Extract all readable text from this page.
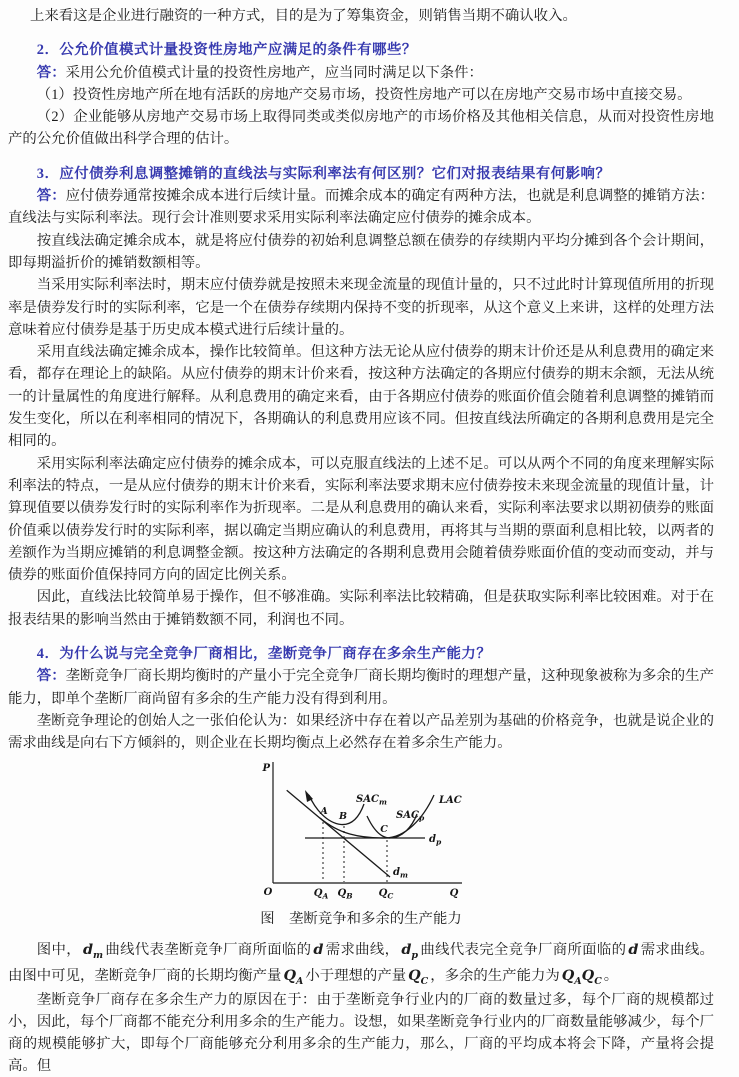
上来看这是企业进行融资的一种方式，目的是为了筹集资金，则销售当期不确认收入。

2．公允价值模式计量投资性房地产应满足的条件有哪些？

答：采用公允价值模式计量的投资性房地产，应当同时满足以下条件：

（1）投资性房地产所在地有活跃的房地产交易市场，投资性房地产可以在房地产交易市场中直接交易。

（2）企业能够从房地产交易市场上取得同类或类似房地产的市场价格及其他相关信息，从而对投资性房地产的公允价值做出科学合理的估计。

3．应付债券利息调整摊销的直线法与实际利率法有何区别？它们对报表结果有何影响？

答：应付债券通常按摊余成本进行后续计量。而摊余成本的确定有两种方法，也就是利息调整的摊销方法：直线法与实际利率法。现行会计准则要求采用实际利率法确定应付债券的摊余成本。

按直线法确定摊余成本，就是将应付债券的初始利息调整总额在债券的存续期内平均分摊到各个会计期间，即每期溢折价的摊销数额相等。

当采用实际利率法时，期末应付债券就是按照未来现金流量的现值计量的，只不过此时计算现值所用的折现率是债券发行时的实际利率，它是一个在债券存续期内保持不变的折现率，从这个意义上来讲，这样的处理方法意味着应付债券是基于历史成本模式进行后续计量的。

采用直线法确定摊余成本，操作比较简单。但这种方法无论从应付债券的期末计价还是从利息费用的确定来看，都存在理论上的缺陷。从应付债券的期末计价来看，按这种方法确定的各期应付债券的期末余额，无法从统一的计量属性的角度进行解释。从利息费用的确定来看，由于各期应付债券的账面价值会随着利息调整的摊销而发生变化，所以在利率相同的情况下，各期确认的利息费用应该不同。但按直线法所确定的各期利息费用是完全相同的。

采用实际利率法确定应付债券的摊余成本，可以克服直线法的上述不足。可以从两个不同的角度来理解实际利率法的特点，一是从应付债券的期末计价来看，实际利率法要求期末应付债券按未来现金流量的现值计量，计算现值要以债券发行时的实际利率作为折现率。二是从利息费用的确认来看，实际利率法要求以期初债券的账面价值乘以债券发行时的实际利率，据以确定当期应确认的利息费用，再将其与当期的票面利息相比较，以两者的差额作为当期应摊销的利息调整金额。按这种方法确定的各期利息费用会随着债券账面价值的变动而变动，并与债券的账面价值保持同方向的固定比例关系。

因此，直线法比较简单易于操作，但不够准确。实际利率法比较精确，但是获取实际利率比较困难。对于在报表结果的影响当然由于摊销数额不同，利润也不同。

4．为什么说与完全竞争厂商相比，垄断竞争厂商存在多余生产能力？

答：垄断竞争厂商长期均衡时的产量小于完全竞争厂商长期均衡时的理想产量，这种现象被称为多余的生产能力，即单个垄断厂商尚留有多余的生产能力没有得到利用。

垄断竞争理论的创始人之一张伯伦认为：如果经济中存在着以产品差别为基础的价格竞争，也就是说企业的需求曲线是向右下方倾斜的，则企业在长期均衡点上必然存在着多余生产能力。

P
O	Q
$SAC_m$
$SAC_p$
LAC
$d_p$
$d_m$
A B
C
$Q_A$ $Q_B$	$Q_C$
图　垄断竞争和多余的生产能力

图中， $d_m$ 曲线代表垄断竞争厂商所面临的 d 需求曲线， $d_p$ 曲线代表完全竞争厂商所面临的 d 需求曲线。由图中可见，垄断竞争厂商的长期均衡产量 $Q_A$ 小于理想的产量 $Q_C$ ，多余的生产能力为 $Q_AQ_C$ 。

垄断竞争厂商存在多余生产力的原因在于：由于垄断竞争行业内的厂商的数量过多，每个厂商的规模都过小，因此，每个厂商都不能充分利用多余的生产能力。设想，如果垄断竞争行业内的厂商数量能够减少，每个厂商的规模能够扩大，即每个厂商能够充分利用多余的生产能力，那么，厂商的平均成本将会下降，产量将会提高。但
